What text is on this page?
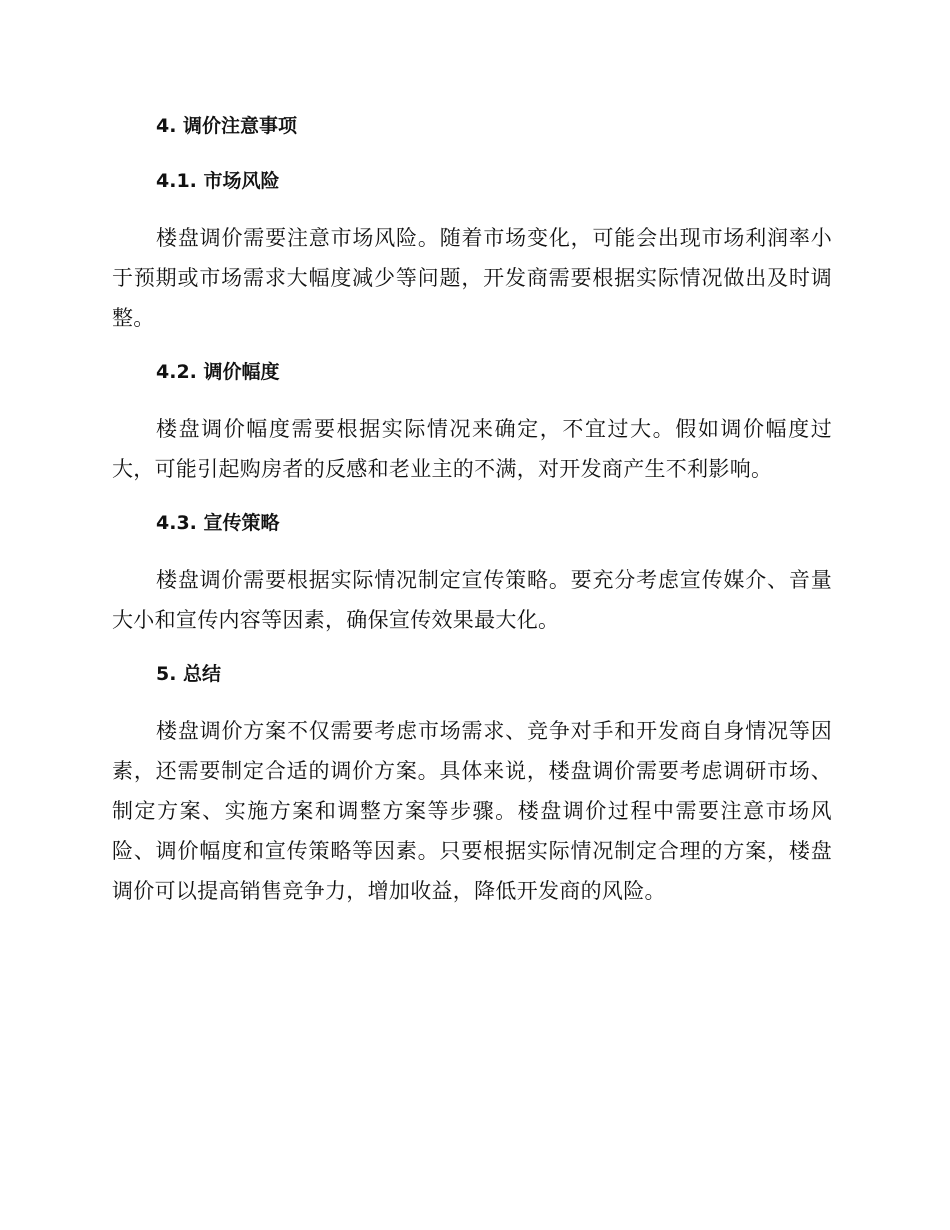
4. 调价注意事项
4.1. 市场风险

楼盘调价需要注意市场风险。随着市场变化，可能会出现市场利润率小于预期或市场需求大幅度减少等问题，开发商需要根据实际情况做出及时调整。

4.2. 调价幅度

楼盘调价幅度需要根据实际情况来确定，不宜过大。假如调价幅度过大，可能引起购房者的反感和老业主的不满，对开发商产生不利影响。

4.3. 宣传策略

楼盘调价需要根据实际情况制定宣传策略。要充分考虑宣传媒介、音量大小和宣传内容等因素，确保宣传效果最大化。

5. 总结

楼盘调价方案不仅需要考虑市场需求、竞争对手和开发商自身情况等因素，还需要制定合适的调价方案。具体来说，楼盘调价需要考虑调研市场、制定方案、实施方案和调整方案等步骤。楼盘调价过程中需要注意市场风险、调价幅度和宣传策略等因素。只要根据实际情况制定合理的方案，楼盘调价可以提高销售竞争力，增加收益，降低开发商的风险。
